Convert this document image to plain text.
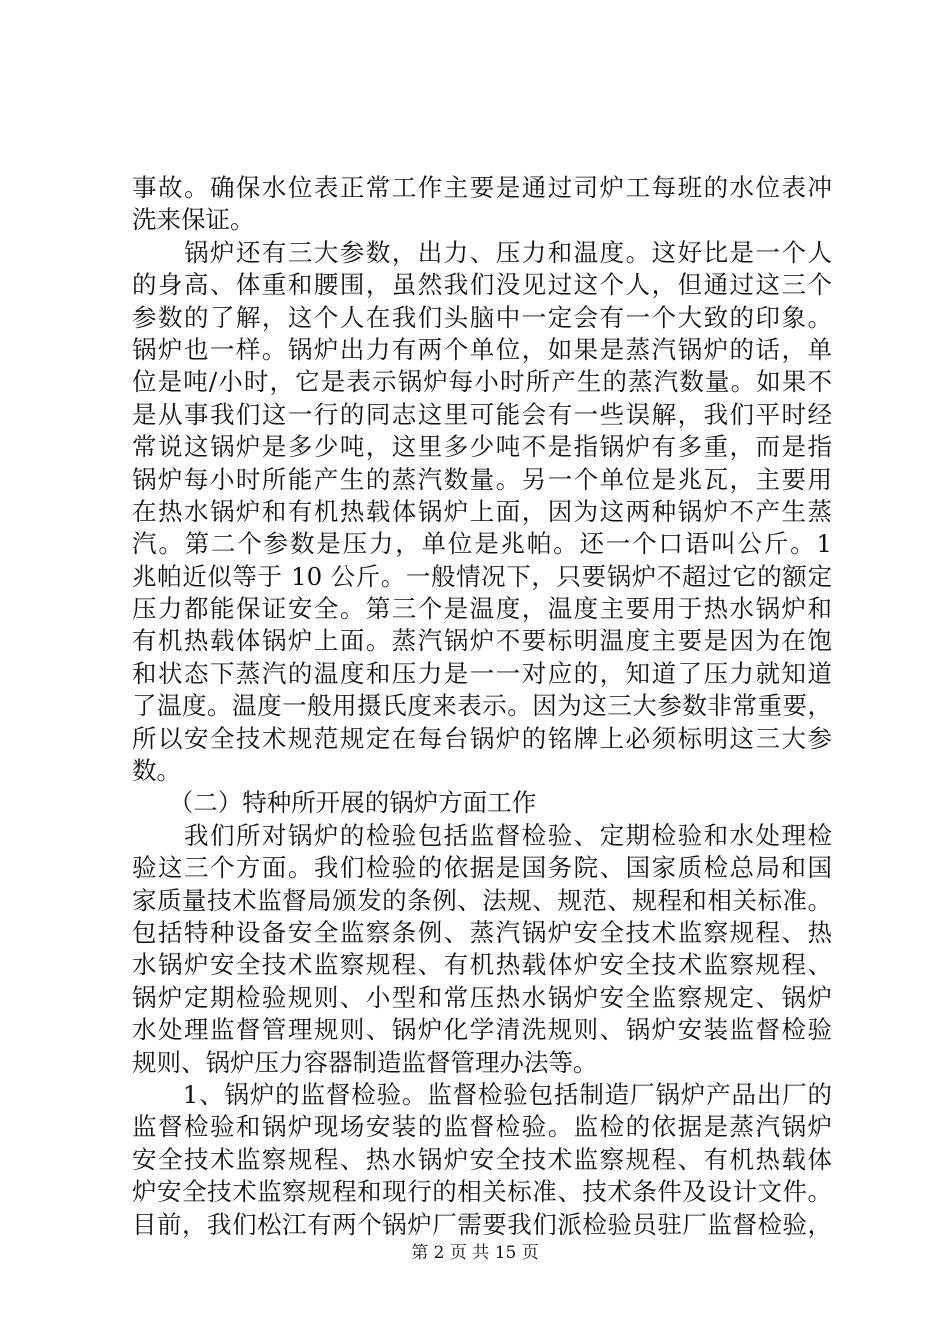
事故。确保水位表正常工作主要是通过司炉工每班的水位表冲
洗来保证。
　　锅炉还有三大参数，出力、压力和温度。这好比是一个人
的身高、体重和腰围，虽然我们没见过这个人，但通过这三个
参数的了解，这个人在我们头脑中一定会有一个大致的印象。
锅炉也一样。锅炉出力有两个单位，如果是蒸汽锅炉的话，单
位是吨/小时，它是表示锅炉每小时所产生的蒸汽数量。如果不
是从事我们这一行的同志这里可能会有一些误解，我们平时经
常说这锅炉是多少吨，这里多少吨不是指锅炉有多重，而是指
锅炉每小时所能产生的蒸汽数量。另一个单位是兆瓦，主要用
在热水锅炉和有机热载体锅炉上面，因为这两种锅炉不产生蒸
汽。第二个参数是压力，单位是兆帕。还一个口语叫公斤。1
兆帕近似等于 10 公斤。一般情况下，只要锅炉不超过它的额定
压力都能保证安全。第三个是温度，温度主要用于热水锅炉和
有机热载体锅炉上面。蒸汽锅炉不要标明温度主要是因为在饱
和状态下蒸汽的温度和压力是一一对应的，知道了压力就知道
了温度。温度一般用摄氏度来表示。因为这三大参数非常重要，
所以安全技术规范规定在每台锅炉的铭牌上必须标明这三大参
数。
　　（二）特种所开展的锅炉方面工作
　　我们所对锅炉的检验包括监督检验、定期检验和水处理检
验这三个方面。我们检验的依据是国务院、国家质检总局和国
家质量技术监督局颁发的条例、法规、规范、规程和相关标准。
包括特种设备安全监察条例、蒸汽锅炉安全技术监察规程、热
水锅炉安全技术监察规程、有机热载体炉安全技术监察规程、
锅炉定期检验规则、小型和常压热水锅炉安全监察规定、锅炉
水处理监督管理规则、锅炉化学清洗规则、锅炉安装监督检验
规则、锅炉压力容器制造监督管理办法等。
　　1、锅炉的监督检验。监督检验包括制造厂锅炉产品出厂的
监督检验和锅炉现场安装的监督检验。监检的依据是蒸汽锅炉
安全技术监察规程、热水锅炉安全技术监察规程、有机热载体
炉安全技术监察规程和现行的相关标准、技术条件及设计文件。
目前，我们松江有两个锅炉厂需要我们派检验员驻厂监督检验，
第 2 页 共 15 页
